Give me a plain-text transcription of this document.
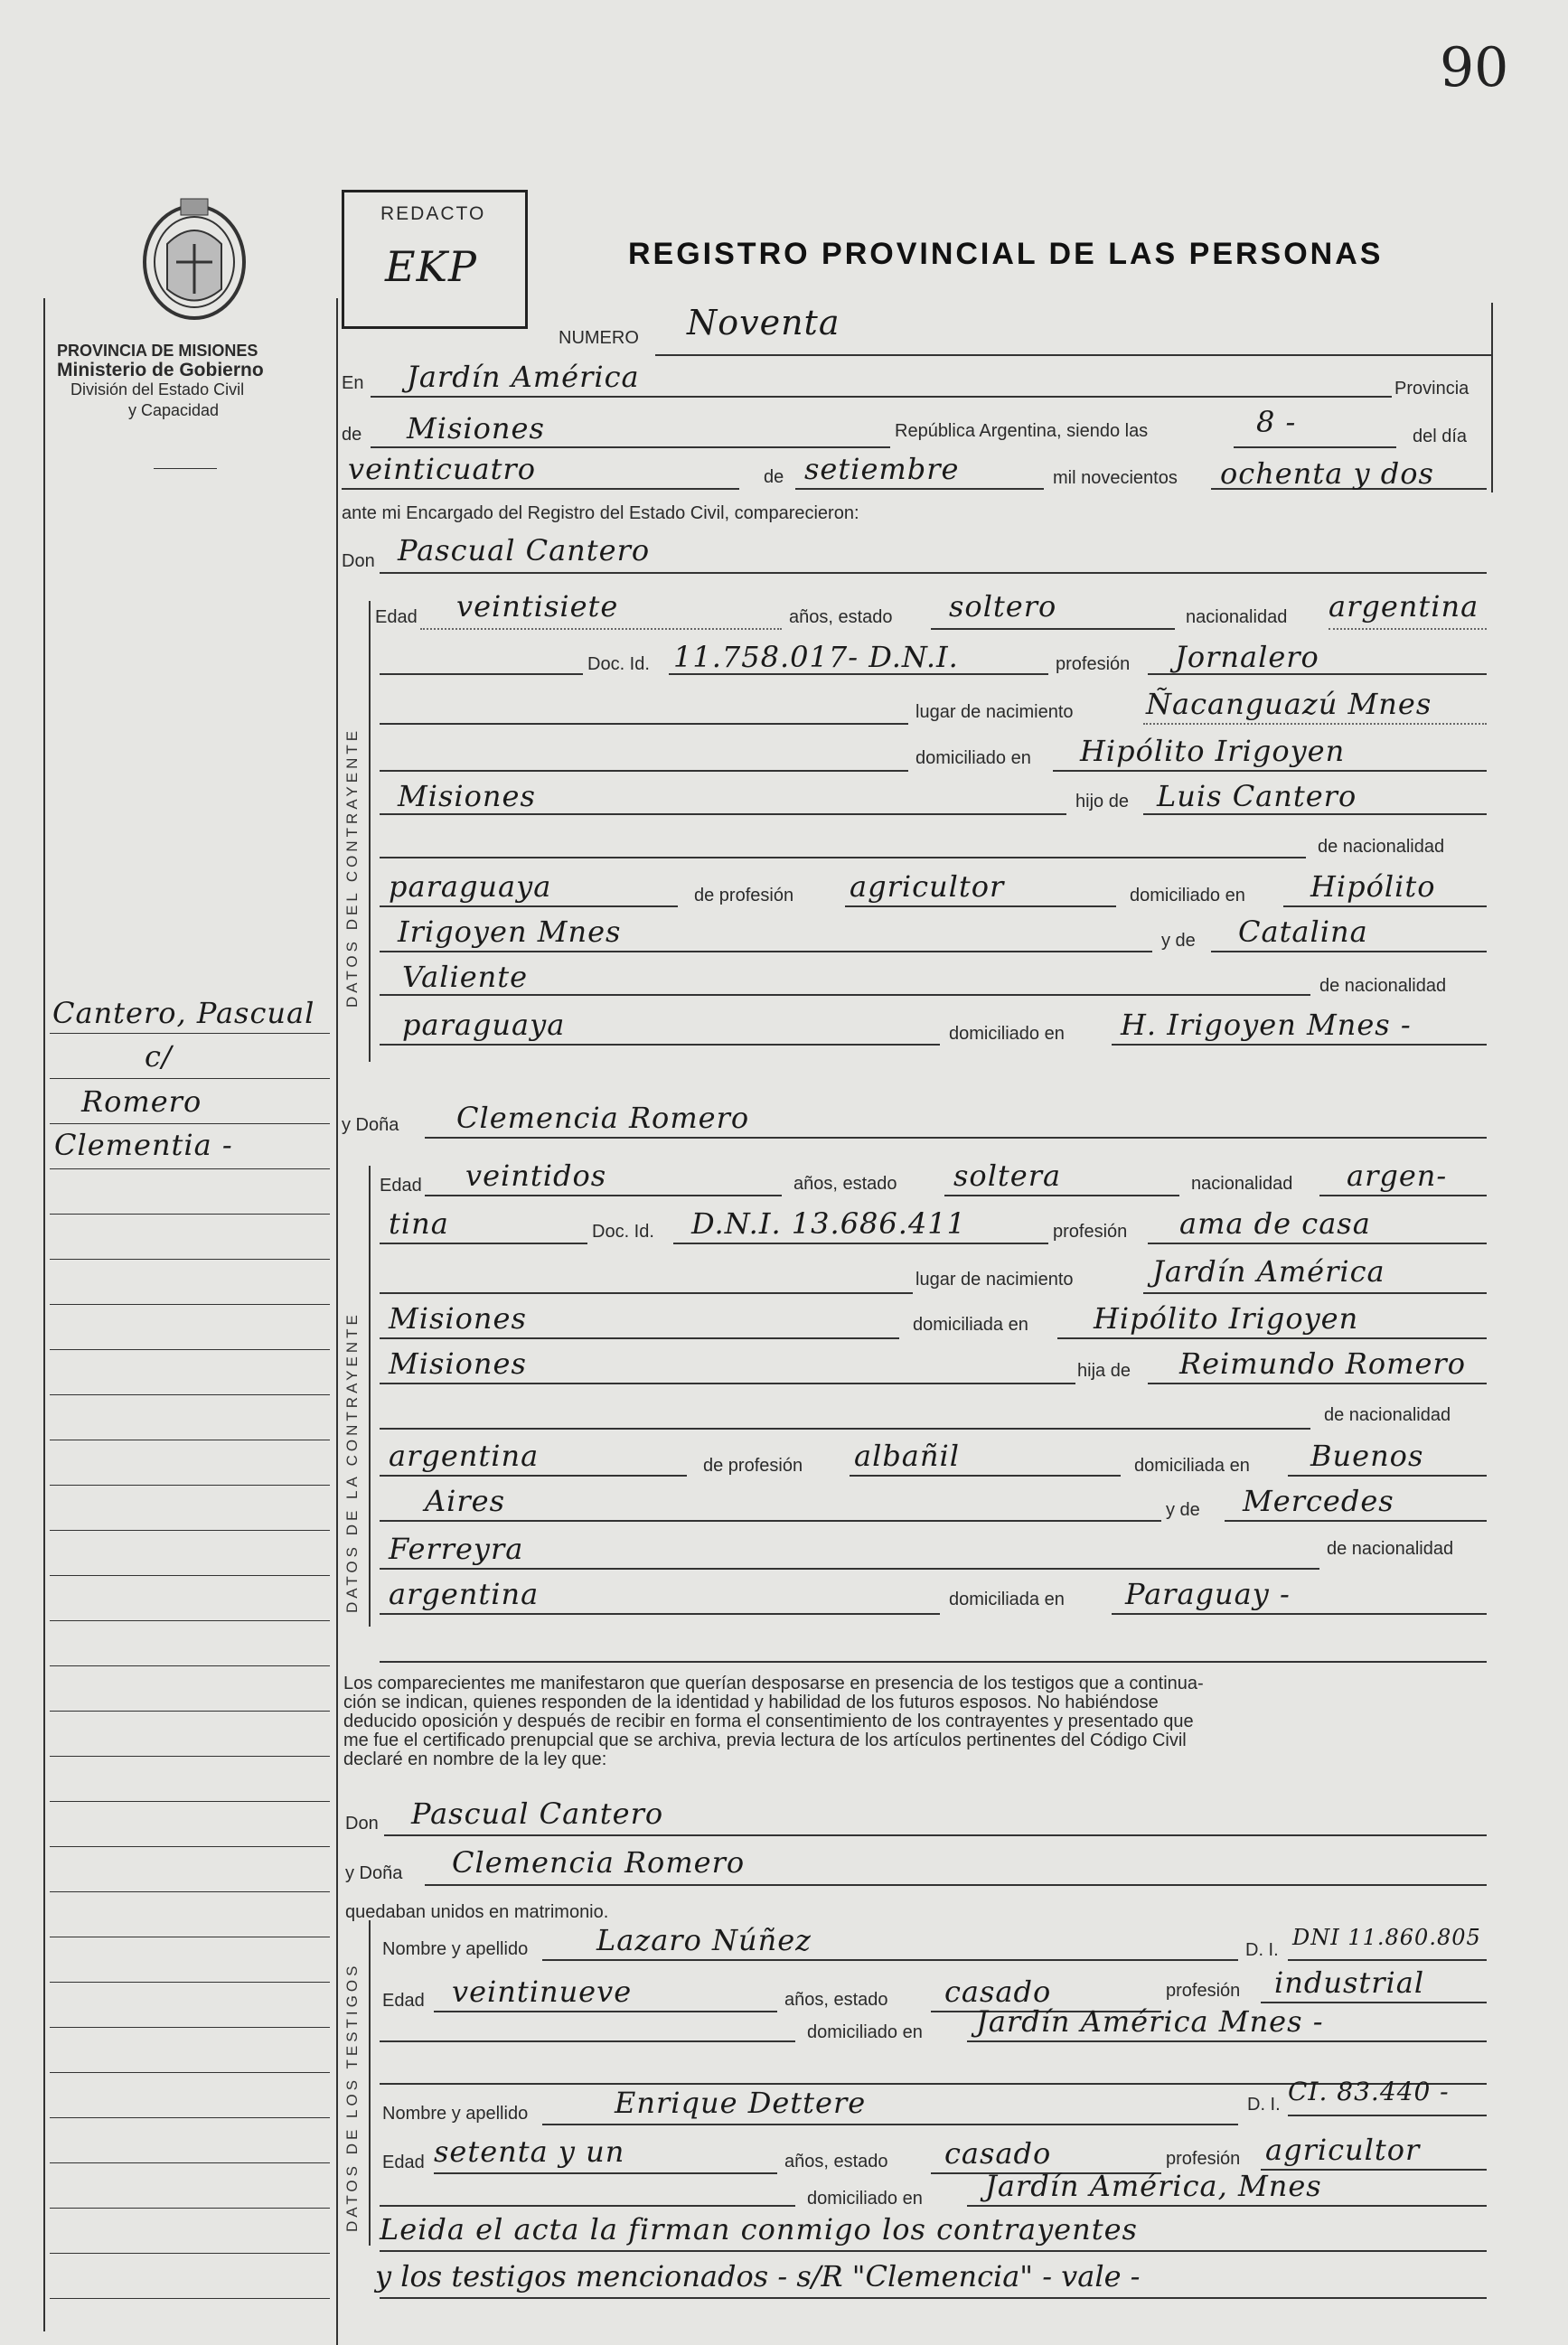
90
PROVINCIA DE MISIONES
Ministerio de Gobierno
División del Estado Civil
y Capacidad
Cantero, Pascual
c/
Romero
Clementia -
REDACTO
EKP	REGISTRO PROVINCIAL DE LAS PERSONAS
NUMERO Noventa
En Jardín América	Provincia
de Misiones	República Argentina, siendo las	8 -	del día
veinticuatro	de setiembre	mil novecientos ochenta y dos
ante mi Encargado del Registro del Estado Civil, comparecieron:
Don Pascual Cantero
DATOS DEL CONTRAYENTE
Edad veintisiete	años, estado soltero	nacionalidad argentina
Doc. Id. 11.758.017- D.N.I.	profesión Jornalero
lugar de nacimiento	Ñacanguazú Mnes
domiciliado en Hipólito Irigoyen
Misiones	hijo de Luis Cantero
de nacionalidad
paraguaya	de profesión agricultor	domiciliado en Hipólito
Irigoyen Mnes	y de Catalina
Valiente	de nacionalidad
paraguaya	domiciliado en H. Irigoyen Mnes -
y Doña Clemencia Romero
DATOS DE LA CONTRAYENTE
Edad veintidos	años, estado soltera	nacionalidad argen-
tina	Doc. Id. D.N.I. 13.686.411	profesión ama de casa
lugar de nacimiento	Jardín América
Misiones	domiciliada en Hipólito Irigoyen
Misiones	hija de Reimundo Romero
de nacionalidad
argentina	de profesión albañil	domiciliada en Buenos
Aires	y de Mercedes
Ferreyra	de nacionalidad
argentina	domiciliada en Paraguay -
Los comparecientes me manifestaron que querían desposarse en presencia de los testigos que a continua-
ción se indican, quienes responden de la identidad y habilidad de los futuros esposos. No habiéndose
deducido oposición y después de recibir en forma el consentimiento de los contrayentes y presentado que
me fue el certificado prenupcial que se archiva, previa lectura de los artículos pertinentes del Código Civil
declaré en nombre de la ley que:
Don Pascual Cantero
y Doña Clemencia Romero
quedaban unidos en matrimonio.
DATOS DE LOS TESTIGOS
Nombre y apellido Lazaro Núñez	D. I. DNI 11.860.805
Edad veintinueve	años, estado casado	profesión industrial
domiciliado en Jardín América Mnes -
Nombre y apellido	Enrique Dettere	D. I. CI. 83.440 -
Edad setenta y un	años, estado casado	profesión agricultor
domiciliado en Jardín América, Mnes
Leida el acta la firman conmigo los contrayentes
y los testigos mencionados - s/R "Clemencia" - vale -
